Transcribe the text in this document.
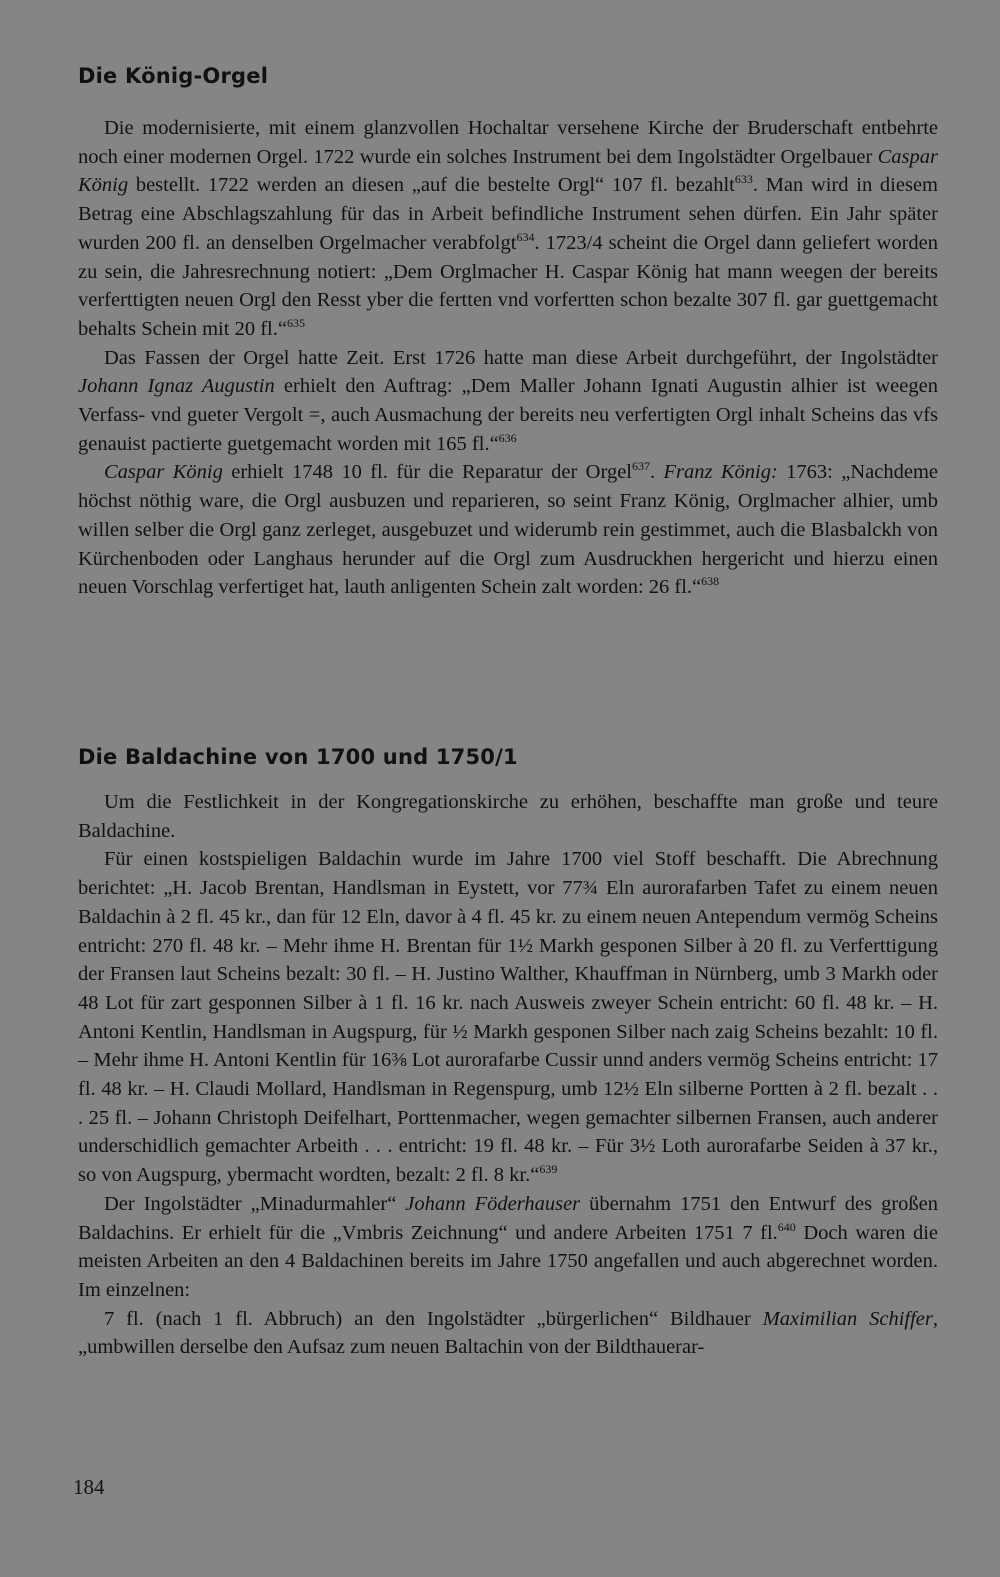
Die König-Orgel

Die modernisierte, mit einem glanzvollen Hochaltar versehene Kirche der Bruderschaft entbehrte noch einer modernen Orgel. 1722 wurde ein solches Instrument bei dem Ingolstädter Orgelbauer Caspar König bestellt. 1722 werden an diesen „auf die bestelte Orgl“ 107 fl. bezahlt$^{633}$. Man wird in diesem Betrag eine Abschlagszahlung für das in Arbeit befindliche Instrument sehen dürfen. Ein Jahr später wurden 200 fl. an denselben Orgelmacher verabfolgt$^{634}$. 1723/4 scheint die Orgel dann geliefert worden zu sein, die Jahresrechnung notiert: „Dem Orglmacher H. Caspar König hat mann weegen der bereits verferttigten neuen Orgl den Resst yber die fertten vnd vorfertten schon bezalte 307 fl. gar guettgemacht behalts Schein mit 20 fl.“$^{635}$

Das Fassen der Orgel hatte Zeit. Erst 1726 hatte man diese Arbeit durchgeführt, der Ingolstädter Johann Ignaz Augustin erhielt den Auftrag: „Dem Maller Johann Ignati Augustin alhier ist weegen Verfass- vnd gueter Vergolt =, auch Ausmachung der bereits neu verfertigten Orgl inhalt Scheins das vfs genauist pactierte guetgemacht worden mit 165 fl.“$^{636}$

Caspar König erhielt 1748 10 fl. für die Reparatur der Orgel$^{637}$. Franz König: 1763: „Nachdeme höchst nöthig ware, die Orgl ausbuzen und reparieren, so seint Franz König, Orglmacher alhier, umb willen selber die Orgl ganz zerleget, ausgebuzet und widerumb rein gestimmet, auch die Blasbalckh von Kürchenboden oder Langhaus herunder auf die Orgl zum Ausdruckhen hergericht und hierzu einen neuen Vorschlag verfertiget hat, lauth anligenten Schein zalt worden: 26 fl.“$^{638}$

Die Baldachine von 1700 und 1750/1

Um die Festlichkeit in der Kongregationskirche zu erhöhen, beschaffte man große und teure Baldachine.

Für einen kostspieligen Baldachin wurde im Jahre 1700 viel Stoff beschafft. Die Abrechnung berichtet: „H. Jacob Brentan, Handlsman in Eystett, vor 77¾ Eln aurorafarben Tafet zu einem neuen Baldachin à 2 fl. 45 kr., dan für 12 Eln, davor à 4 fl. 45 kr. zu einem neuen Antependum vermög Scheins entricht: 270 fl. 48 kr. – Mehr ihme H. Brentan für 1½ Markh gesponen Silber à 20 fl. zu Verferttigung der Fransen laut Scheins bezalt: 30 fl. – H. Justino Walther, Khauffman in Nürnberg, umb 3 Markh oder 48 Lot für zart gesponnen Silber à 1 fl. 16 kr. nach Ausweis zweyer Schein entricht: 60 fl. 48 kr. – H. Antoni Kentlin, Handlsman in Augspurg, für ½ Markh gesponen Silber nach zaig Scheins bezahlt: 10 fl. – Mehr ihme H. Antoni Kentlin für 16⅜ Lot aurorafarbe Cussir unnd anders vermög Scheins entricht: 17 fl. 48 kr. – H. Claudi Mollard, Handlsman in Regenspurg, umb 12½ Eln silberne Portten à 2 fl. bezalt . . . 25 fl. – Johann Christoph Deifelhart, Porttenmacher, wegen gemachter silbernen Fransen, auch anderer underschidlich gemachter Arbeith . . . entricht: 19 fl. 48 kr. – Für 3½ Loth aurorafarbe Seiden à 37 kr., so von Augspurg, ybermacht wordten, bezalt: 2 fl. 8 kr.“$^{639}$

Der Ingolstädter „Minadurmahler“ Johann Föderhauser übernahm 1751 den Entwurf des großen Baldachins. Er erhielt für die „Vmbris Zeichnung“ und andere Arbeiten 1751 7 fl.$^{640}$ Doch waren die meisten Arbeiten an den 4 Baldachinen bereits im Jahre 1750 angefallen und auch abgerechnet worden. Im einzelnen:

7 fl. (nach 1 fl. Abbruch) an den Ingolstädter „bürgerlichen“ Bildhauer Maximilian Schiffer, „umbwillen derselbe den Aufsaz zum neuen Baltachin von der Bildthauerar-

184
